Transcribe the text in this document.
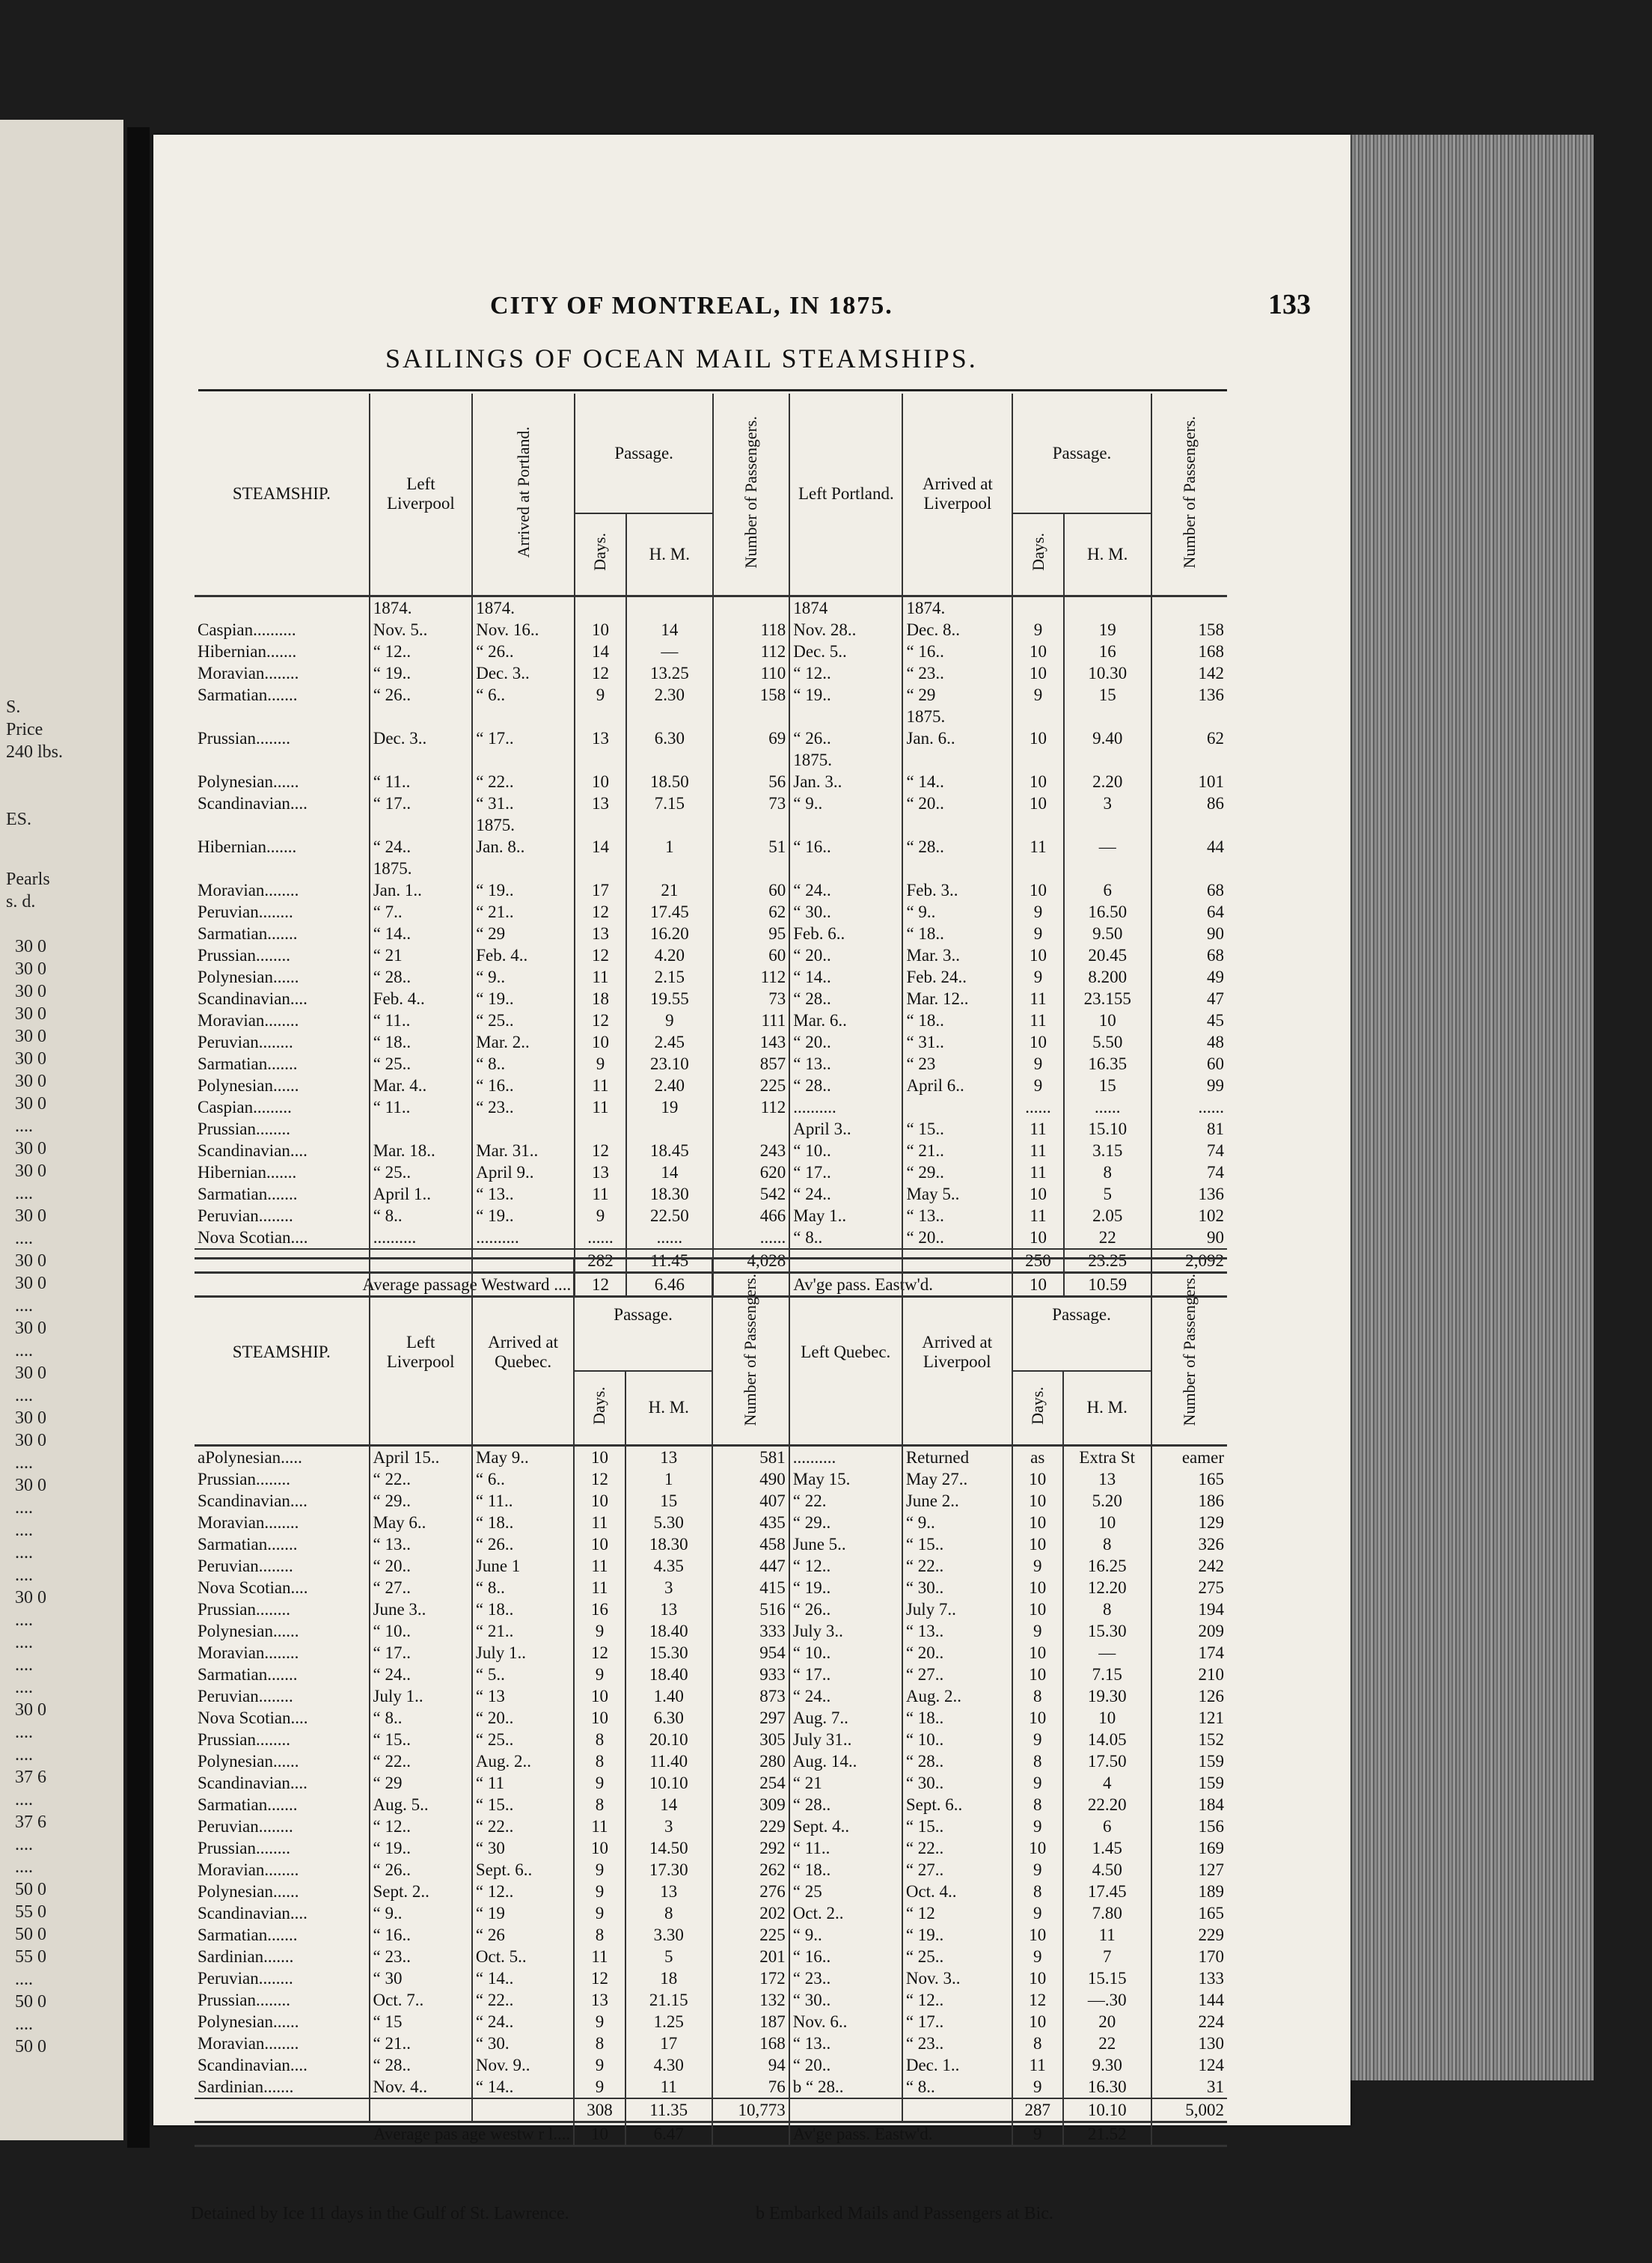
S.
Price
240 lbs.
ES.
Pearls
s. d.
30 0
30 0
30 0
30 0
30 0
30 0
30 0
30 0
....
30 0
30 0
....
30 0
....
30 0
30 0
....
30 0
....
30 0
....
30 0
30 0
....
30 0
....
....
....
....
30 0
....
....
....
....
30 0
....
....
37 6
....
37 6
....
....
50 0
55 0
50 0
55 0
....
50 0
....
50 0
CITY OF MONTREAL, IN 1875.	133
SAILINGS OF OCEAN MAIL STEAMSHIPS.
STEAMSHIP.	Left Liverpool	Arrived at Portland.	Passage.		Number of Passengers.	Left Portland.	Arrived at Liverpool	Passage.		Number of Passengers.
			Days.	H. M.				Days.	H. M.	
	1874.	1874.				1874	1874.			
Caspian..........	Nov. 5..	Nov. 16..	10	14	118	Nov. 28..	Dec. 8..	9	19	158
Hibernian.......	“ 12..	“ 26..	14	—	112	Dec. 5..	“ 16..	10	16	168
Moravian........	“ 19..	Dec. 3..	12	13.25	110	“ 12..	“ 23..	10	10.30	142
Sarmatian.......	“ 26..	“ 6..	9	2.30	158	“ 19..	“ 29	9	15	136
							1875.			
Prussian........	Dec. 3..	“ 17..	13	6.30	69	“ 26..	Jan. 6..	10	9.40	62
						1875.				
Polynesian......	“ 11..	“ 22..	10	18.50	56	Jan. 3..	“ 14..	10	2.20	101
Scandinavian....	“ 17..	“ 31..	13	7.15	73	“ 9..	“ 20..	10	3	86
		1875.								
Hibernian.......	“ 24..	Jan. 8..	14	1	51	“ 16..	“ 28..	11	—	44
	1875.									
Moravian........	Jan. 1..	“ 19..	17	21	60	“ 24..	Feb. 3..	10	6	68
Peruvian........	“ 7..	“ 21..	12	17.45	62	“ 30..	“ 9..	9	16.50	64
Sarmatian.......	“ 14..	“ 29	13	16.20	95	Feb. 6..	“ 18..	9	9.50	90
Prussian........	“ 21	Feb. 4..	12	4.20	60	“ 20..	Mar. 3..	10	20.45	68
Polynesian......	“ 28..	“ 9..	11	2.15	112	“ 14..	Feb. 24..	9	8.200	49
Scandinavian....	Feb. 4..	“ 19..	18	19.55	73	“ 28..	Mar. 12..	11	23.155	47
Moravian........	“ 11..	“ 25..	12	9	111	Mar. 6..	“ 18..	11	10	45
Peruvian........	“ 18..	Mar. 2..	10	2.45	143	“ 20..	“ 31..	10	5.50	48
Sarmatian.......	“ 25..	“ 8..	9	23.10	857	“ 13..	“ 23	9	16.35	60
Polynesian......	Mar. 4..	“ 16..	11	2.40	225	“ 28..	April 6..	9	15	99
Caspian.........	“ 11..	“ 23..	11	19	112	..........		......	......	......
Prussian........						April 3..	“ 15..	11	15.10	81
Scandinavian....	Mar. 18..	Mar. 31..	12	18.45	243	“ 10..	“ 21..	11	3.15	74
Hibernian.......	“ 25..	April 9..	13	14	620	“ 17..	“ 29..	11	8	74
Sarmatian.......	April 1..	“ 13..	11	18.30	542	“ 24..	May 5..	10	5	136
Peruvian........	“ 8..	“ 19..	9	22.50	466	May 1..	“ 13..	11	2.05	102
Nova Scotian....	..........	..........	......	......	......	“ 8..	“ 20..	10	22	90
			282	11.45	4,028			250	23.25	2,092
Average passage Westward ....			12	6.46		Av'ge pass. Eastw'd.		10	10.59	
STEAMSHIP.	Left Liverpool	Arrived at Quebec.	Passage.		Number of Passengers.	Left Quebec.	Arrived at Liverpool	Passage.		Number of Passengers.
			Days.	H. M.				Days.	H. M.	
aPolynesian.....	April 15..	May 9..	10	13	581	..........	Returned	as	Extra St	eamer
Prussian........	“ 22..	“ 6..	12	1	490	May 15.	May 27..	10	13	165
Scandinavian....	“ 29..	“ 11..	10	15	407	“ 22.	June 2..	10	5.20	186
Moravian........	May 6..	“ 18..	11	5.30	435	“ 29..	“ 9..	10	10	129
Sarmatian.......	“ 13..	“ 26..	10	18.30	458	June 5..	“ 15..	10	8	326
Peruvian........	“ 20..	June 1	11	4.35	447	“ 12..	“ 22..	9	16.25	242
Nova Scotian....	“ 27..	“ 8..	11	3	415	“ 19..	“ 30..	10	12.20	275
Prussian........	June 3..	“ 18..	16	13	516	“ 26..	July 7..	10	8	194
Polynesian......	“ 10..	“ 21..	9	18.40	333	July 3..	“ 13..	9	15.30	209
Moravian........	“ 17..	July 1..	12	15.30	954	“ 10..	“ 20..	10	—	174
Sarmatian.......	“ 24..	“ 5..	9	18.40	933	“ 17..	“ 27..	10	7.15	210
Peruvian........	July 1..	“ 13	10	1.40	873	“ 24..	Aug. 2..	8	19.30	126
Nova Scotian....	“ 8..	“ 20..	10	6.30	297	Aug. 7..	“ 18..	10	10	121
Prussian........	“ 15..	“ 25..	8	20.10	305	July 31..	“ 10..	9	14.05	152
Polynesian......	“ 22..	Aug. 2..	8	11.40	280	Aug. 14..	“ 28..	8	17.50	159
Scandinavian....	“ 29	“ 11	9	10.10	254	“ 21	“ 30..	9	4	159
Sarmatian.......	Aug. 5..	“ 15..	8	14	309	“ 28..	Sept. 6..	8	22.20	184
Peruvian........	“ 12..	“ 22..	11	3	229	Sept. 4..	“ 15..	9	6	156
Prussian........	“ 19..	“ 30	10	14.50	292	“ 11..	“ 22..	10	1.45	169
Moravian........	“ 26..	Sept. 6..	9	17.30	262	“ 18..	“ 27..	9	4.50	127
Polynesian......	Sept. 2..	“ 12..	9	13	276	“ 25	Oct. 4..	8	17.45	189
Scandinavian....	“ 9..	“ 19	9	8	202	Oct. 2..	“ 12	9	7.80	165
Sarmatian.......	“ 16..	“ 26	8	3.30	225	“ 9..	“ 19..	10	11	229
Sardinian.......	“ 23..	Oct. 5..	11	5	201	“ 16..	“ 25..	9	7	170
Peruvian........	“ 30	“ 14..	12	18	172	“ 23..	Nov. 3..	10	15.15	133
Prussian........	Oct. 7..	“ 22..	13	21.15	132	“ 30..	“ 12..	12	—.30	144
Polynesian......	“ 15	“ 24..	9	1.25	187	Nov. 6..	“ 17..	10	20	224
Moravian........	“ 21..	“ 30.	8	17	168	“ 13..	“ 23..	8	22	130
Scandinavian....	“ 28..	Nov. 9..	9	4.30	94	“ 20..	Dec. 1..	11	9.30	124
Sardinian.......	Nov. 4..	“ 14..	9	11	76	b “ 28..	“ 8..	9	16.30	31
			308	11.35	10,773			287	10.10	5,002
Average pas age westw r l....			10	6.47		Av'ge pass. Eastw'd.		9	21.52	
Detained by Ice 11 days in the Gulf of St. Lawrence.	b Embarked Mails and Passengers at Bic.
